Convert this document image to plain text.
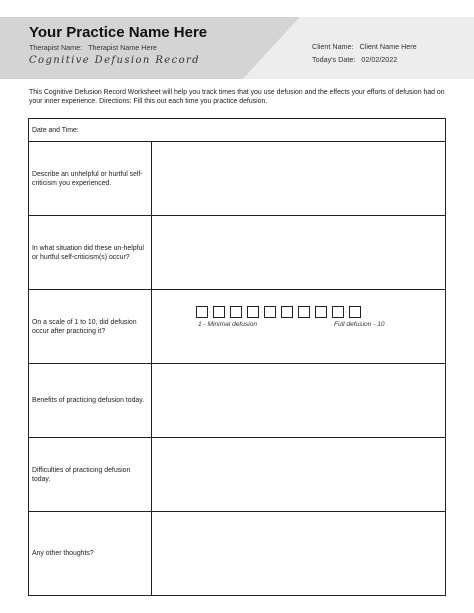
Your Practice Name Here
Therapist Name: Therapist Name Here
Cognitive Defusion Record
Client Name: Client Name Here
Today's Date: 02/02/2022
This Cognitive Defusion Record Worksheet will help you track times that you use defusion and the effects your efforts of defusion had on your inner experience. Directions: Fill this out each time you practice defusion.
Date and Time:
Describe an unhelpful or hurtful self-criticism you experienced.
In what situation did these un-helpful or hurtful self-criticism(s) occur?
On a scale of 1 to 10, did defusion occur after practicing it?
1 - Minimal defusion	Full defusion - 10
Benefits of practicing defusion today.
Difficulties of practicing defusion today.
Any other thoughts?
